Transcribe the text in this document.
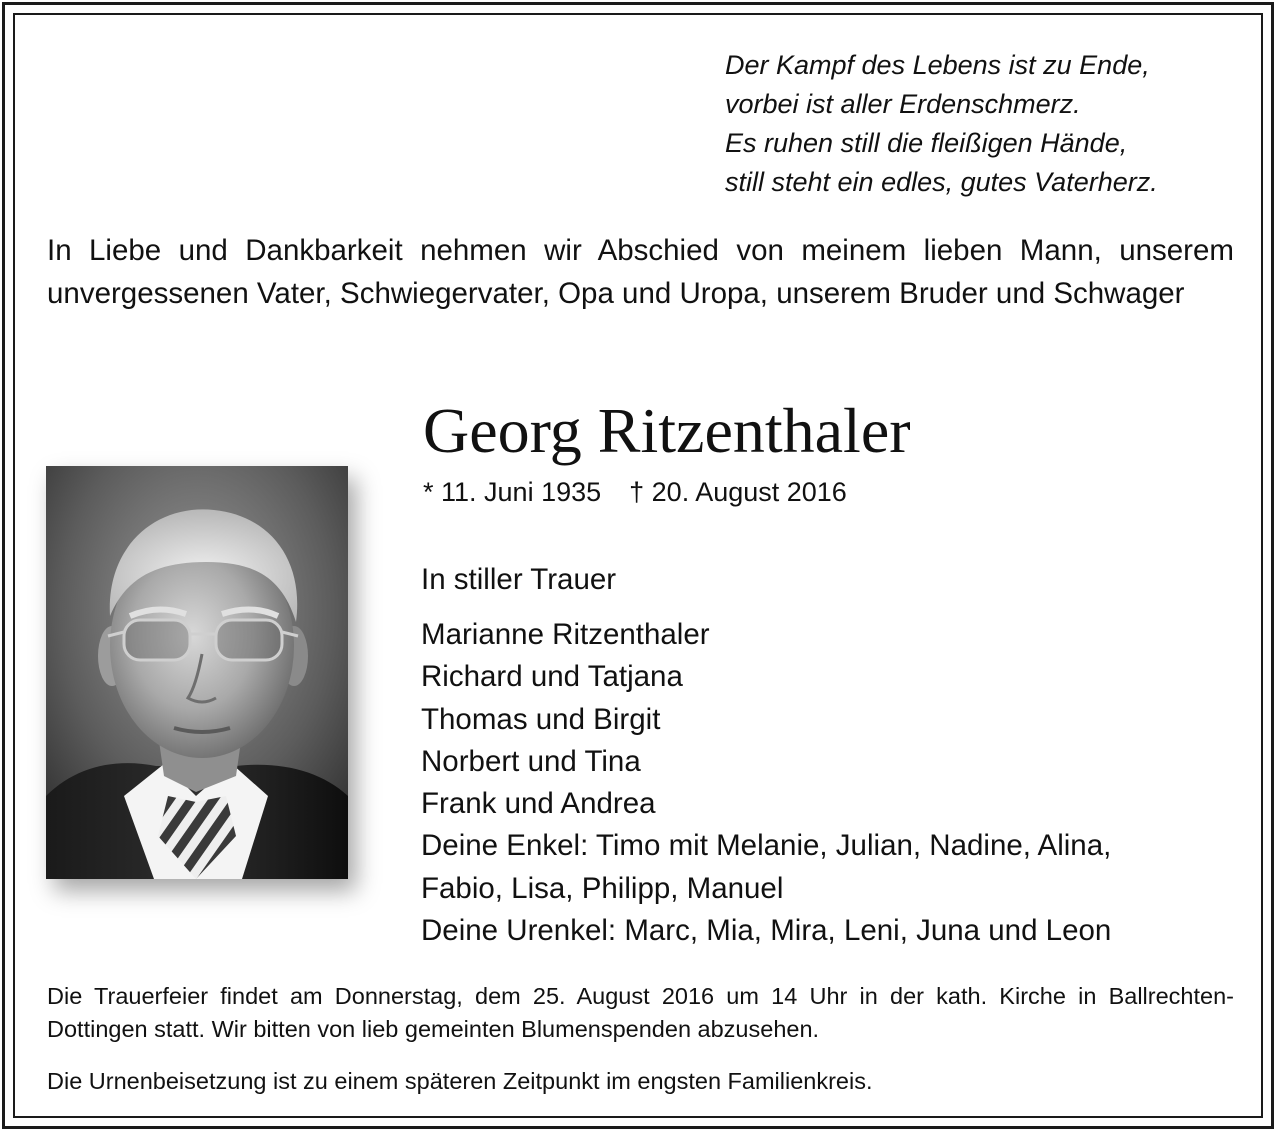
Der Kampf des Lebens ist zu Ende,
vorbei ist aller Erdenschmerz.
Es ruhen still die fleißigen Hände,
still steht ein edles, gutes Vaterherz.
In Liebe und Dankbarkeit nehmen wir Abschied von meinem lieben Mann, unserem unvergessenen Vater, Schwiegervater, Opa und Uropa, unserem Bruder und Schwager
Georg Ritzenthaler
* 11. Juni 1935 † 20. August 2016
In stiller Trauer
Marianne Ritzenthaler
Richard und Tatjana
Thomas und Birgit
Norbert und Tina
Frank und Andrea
Deine Enkel: Timo mit Melanie, Julian, Nadine, Alina,
Fabio, Lisa, Philipp, Manuel
Deine Urenkel: Marc, Mia, Mira, Leni, Juna und Leon
Die Trauerfeier findet am Donnerstag, dem 25. August 2016 um 14 Uhr in der kath. Kirche in Ballrechten-Dottingen statt. Wir bitten von lieb gemeinten Blumenspenden abzusehen.
Die Urnenbeisetzung ist zu einem späteren Zeitpunkt im engsten Familienkreis.
